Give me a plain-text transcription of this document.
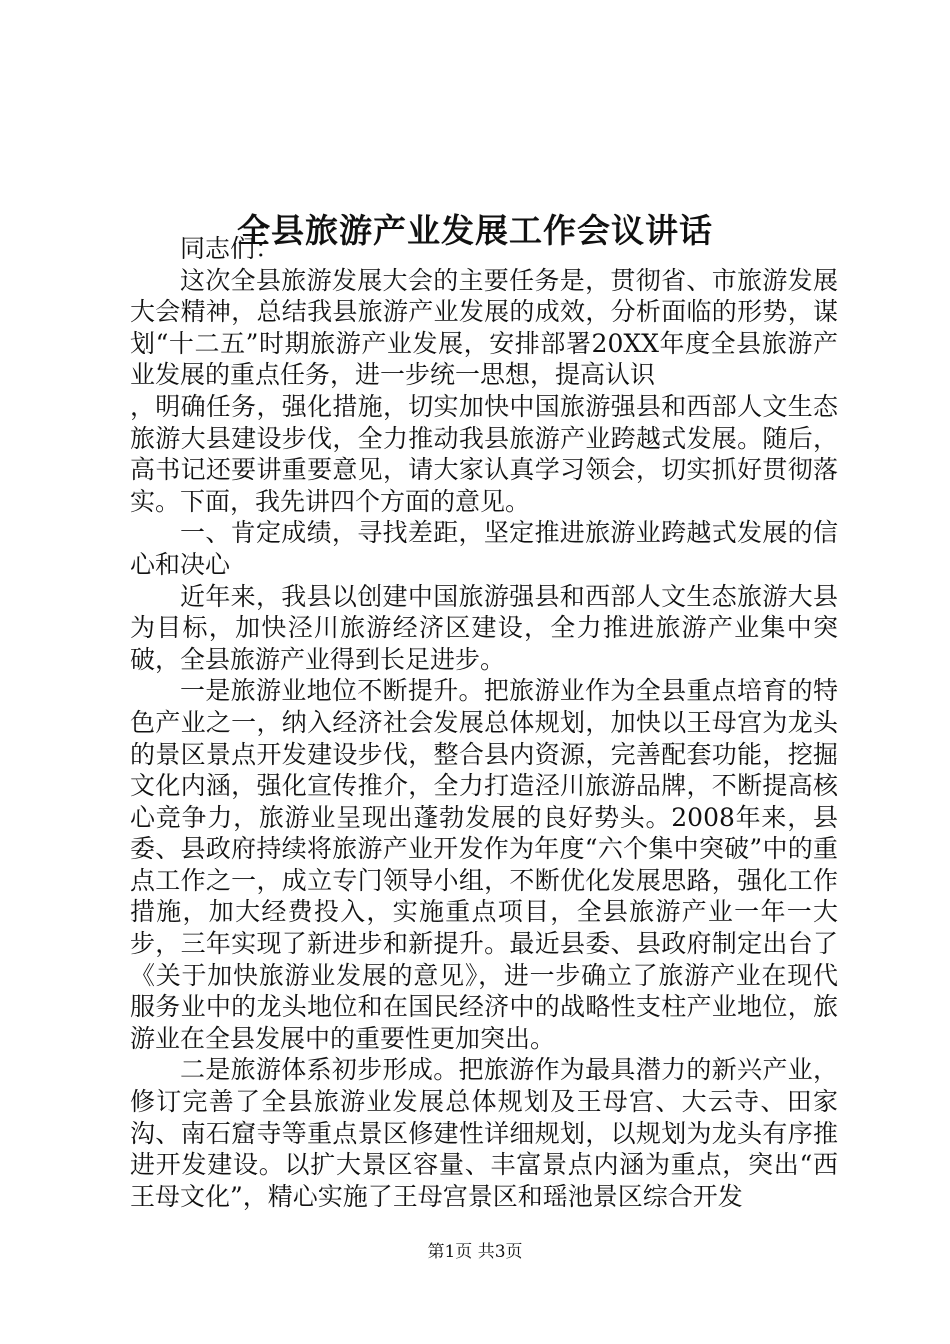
全县旅游产业发展工作会议讲话

同志们：

这次全县旅游发展大会的主要任务是，贯彻省、市旅游发展大会精神，总结我县旅游产业发展的成效，分析面临的形势，谋划“十二五”时期旅游产业发展，安排部署20XX年度全县旅游产业发展的重点任务，进一步统一思想，提高认识

，明确任务，强化措施，切实加快中国旅游强县和西部人文生态旅游大县建设步伐，全力推动我县旅游产业跨越式发展。随后，高书记还要讲重要意见，请大家认真学习领会，切实抓好贯彻落实。下面，我先讲四个方面的意见。

一、肯定成绩，寻找差距，坚定推进旅游业跨越式发展的信心和决心

近年来，我县以创建中国旅游强县和西部人文生态旅游大县为目标，加快泾川旅游经济区建设，全力推进旅游产业集中突破，全县旅游产业得到长足进步。

一是旅游业地位不断提升。把旅游业作为全县重点培育的特色产业之一，纳入经济社会发展总体规划，加快以王母宫为龙头的景区景点开发建设步伐，整合县内资源，完善配套功能，挖掘文化内涵，强化宣传推介，全力打造泾川旅游品牌，不断提高核心竞争力，旅游业呈现出蓬勃发展的良好势头。2008年来，县委、县政府持续将旅游产业开发作为年度“六个集中突破”中的重点工作之一，成立专门领导小组，不断优化发展思路，强化工作措施，加大经费投入，实施重点项目，全县旅游产业一年一大步，三年实现了新进步和新提升。最近县委、县政府制定出台了《关于加快旅游业发展的意见》，进一步确立了旅游产业在现代服务业中的龙头地位和在国民经济中的战略性支柱产业地位，旅游业在全县发展中的重要性更加突出。

二是旅游体系初步形成。把旅游作为最具潜力的新兴产业，修订完善了全县旅游业发展总体规划及王母宫、大云寺、田家沟、南石窟寺等重点景区修建性详细规划，以规划为龙头有序推进开发建设。以扩大景区容量、丰富景点内涵为重点，突出“西王母文化”，精心实施了王母宫景区和瑶池景区综合开发

第1页 共3页
